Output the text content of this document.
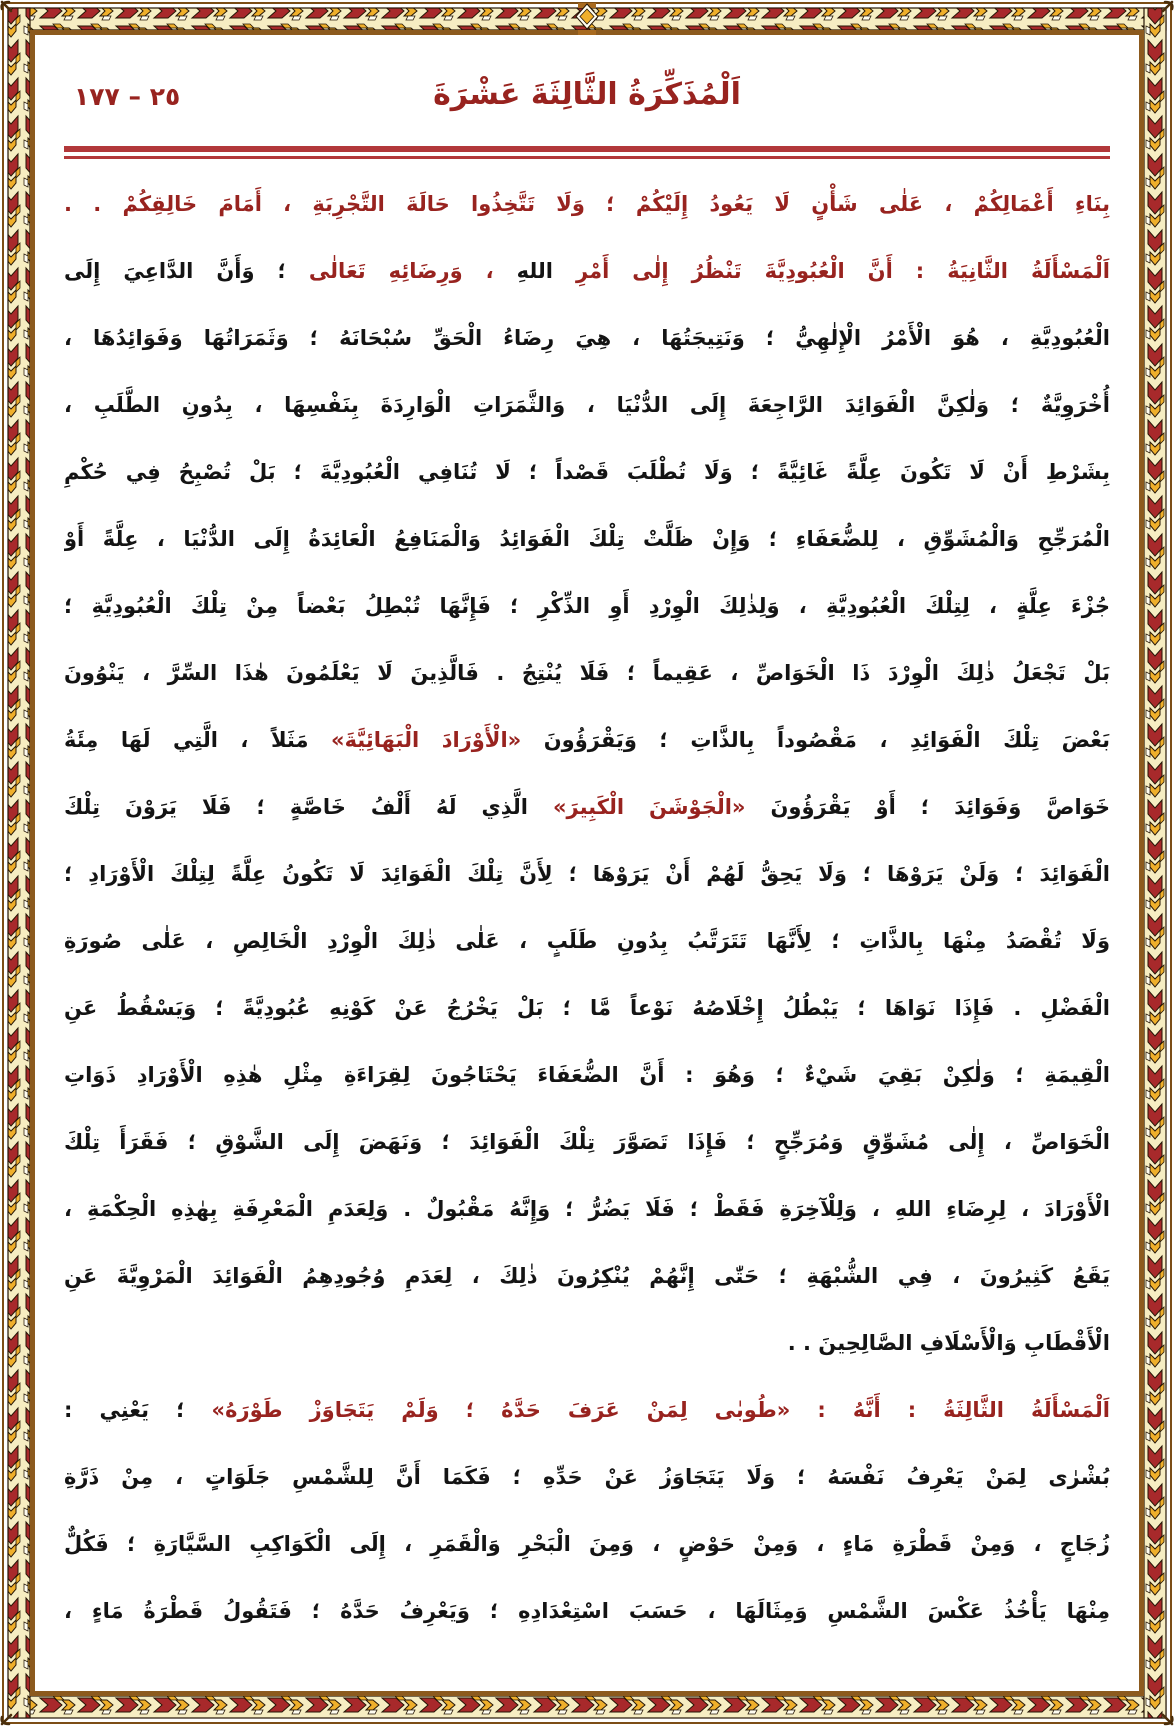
٢٥ – ١٧٧	اَلْمُذَكِّرَةُ الثَّالِثَةَ عَشْرَةَ
بِنَاءِ أَعْمَالِكُمْ ، عَلٰى شَأْنٍ لَا يَعُودُ إِلَيْكُمْ ؛ وَلَا تَتَّخِذُوا حَالَةَ التَّجْرِبَةِ ، أَمَامَ خَالِقِكُمْ . .
اَلْمَسْأَلَةُ الثَّانِيَةُ : أَنَّ الْعُبُودِيَّةَ تَنْظُرُ إِلٰى أَمْرِ اللهِ ، وَرِضَائِهِ تَعَالٰى ؛ وَأَنَّ الدَّاعِيَ إِلَى
الْعُبُودِيَّةِ ، هُوَ الْأَمْرُ الْإِلٰهِيُّ ؛ وَنَتِيجَتُهَا ، هِيَ رِضَاءُ الْحَقِّ سُبْحَانَهُ ؛ وَثَمَرَاتُهَا وَفَوَائِدُهَا ،
أُخْرَوِيَّةٌ ؛ وَلٰكِنَّ الْفَوَائِدَ الرَّاجِعَةَ إِلَى الدُّنْيَا ، وَالثَّمَرَاتِ الْوَارِدَةَ بِنَفْسِهَا ، بِدُونِ الطَّلَبِ ،
بِشَرْطِ أَنْ لَا تَكُونَ عِلَّةً غَائِيَّةً ؛ وَلَا تُطْلَبَ قَصْداً ؛ لَا تُنَافِي الْعُبُودِيَّةَ ؛ بَلْ تُصْبِحُ فِي حُكْمِ
الْمُرَجِّحِ وَالْمُشَوِّقِ ، لِلضُّعَفَاءِ ؛ وَإِنْ ظَلَّتْ تِلْكَ الْفَوَائِدُ وَالْمَنَافِعُ الْعَائِدَةُ إِلَى الدُّنْيَا ، عِلَّةً أَوْ
جُزْءَ عِلَّةٍ ، لِتِلْكَ الْعُبُودِيَّةِ ، وَلِذٰلِكَ الْوِرْدِ أَوِ الذِّكْرِ ؛ فَإِنَّهَا تُبْطِلُ بَعْضاً مِنْ تِلْكَ الْعُبُودِيَّةِ ؛
بَلْ تَجْعَلُ ذٰلِكَ الْوِرْدَ ذَا الْخَوَاصِّ ، عَقِيماً ؛ فَلَا يُنْتِجُ . فَالَّذِينَ لَا يَعْلَمُونَ هٰذَا السِّرَّ ، يَنْوُونَ
بَعْضَ تِلْكَ الْفَوَائِدِ ، مَقْصُوداً بِالذَّاتِ ؛ وَيَقْرَؤُونَ «الْأَوْرَادَ الْبَهَائِيَّةَ» مَثَلاً ، الَّتِي لَهَا مِئَةُ
خَوَاصَّ وَفَوَائِدَ ؛ أَوْ يَقْرَؤُونَ «الْجَوْشَنَ الْكَبِيرَ» الَّذِي لَهُ أَلْفُ خَاصَّةٍ ؛ فَلَا يَرَوْنَ تِلْكَ
الْفَوَائِدَ ؛ وَلَنْ يَرَوْهَا ؛ وَلَا يَحِقُّ لَهُمْ أَنْ يَرَوْهَا ؛ لِأَنَّ تِلْكَ الْفَوَائِدَ لَا تَكُونُ عِلَّةً لِتِلْكَ الْأَوْرَادِ ؛
وَلَا تُقْصَدُ مِنْهَا بِالذَّاتِ ؛ لِأَنَّهَا تَتَرَتَّبُ بِدُونِ طَلَبٍ ، عَلٰى ذٰلِكَ الْوِرْدِ الْخَالِصِ ، عَلٰى صُورَةِ
الْفَضْلِ . فَإِذَا نَوَاهَا ؛ يَبْطُلُ إِخْلَاصُهُ نَوْعاً مَّا ؛ بَلْ يَخْرُجُ عَنْ كَوْنِهِ عُبُودِيَّةً ؛ وَيَسْقُطُ عَنِ
الْقِيمَةِ ؛ وَلٰكِنْ بَقِيَ شَيْءٌ ؛ وَهُوَ : أَنَّ الضُّعَفَاءَ يَحْتَاجُونَ لِقِرَاءَةِ مِثْلِ هٰذِهِ الْأَوْرَادِ ذَوَاتِ
الْخَوَاصِّ ، إِلٰى مُشَوِّقٍ وَمُرَجِّحٍ ؛ فَإِذَا تَصَوَّرَ تِلْكَ الْفَوَائِدَ ؛ وَنَهَضَ إِلَى الشَّوْقِ ؛ فَقَرَأَ تِلْكَ
الْأَوْرَادَ ، لِرِضَاءِ اللهِ ، وَلِلْآخِرَةِ فَقَطْ ؛ فَلَا يَضُرُّ ؛ وَإِنَّهُ مَقْبُولٌ . وَلِعَدَمِ الْمَعْرِفَةِ بِهٰذِهِ الْحِكْمَةِ ،
يَقَعُ كَثِيرُونَ ، فِي الشُّبْهَةِ ؛ حَتّٰى إِنَّهُمْ يُنْكِرُونَ ذٰلِكَ ، لِعَدَمِ وُجُودِهِمُ الْفَوَائِدَ الْمَرْوِيَّةَ عَنِ
الْأَقْطَابِ وَالْأَسْلَافِ الصَّالِحِينَ . .
اَلْمَسْأَلَةُ الثَّالِثَةُ : أَنَّهُ : «طُوبٰى لِمَنْ عَرَفَ حَدَّهُ ؛ وَلَمْ يَتَجَاوَزْ طَوْرَهُ» ؛ يَعْنِي :
بُشْرٰى لِمَنْ يَعْرِفُ نَفْسَهُ ؛ وَلَا يَتَجَاوَزُ عَنْ حَدِّهِ ؛ فَكَمَا أَنَّ لِلشَّمْسِ جَلَوَاتٍ ، مِنْ ذَرَّةِ
زُجَاجٍ ، وَمِنْ قَطْرَةِ مَاءٍ ، وَمِنْ حَوْضٍ ، وَمِنَ الْبَحْرِ وَالْقَمَرِ ، إِلَى الْكَوَاكِبِ السَّيَّارَةِ ؛ فَكُلٌّ
مِنْهَا يَأْخُذُ عَكْسَ الشَّمْسِ وَمِثَالَهَا ، حَسَبَ اسْتِعْدَادِهِ ؛ وَيَعْرِفُ حَدَّهُ ؛ فَتَقُولُ قَطْرَةُ مَاءٍ ،
